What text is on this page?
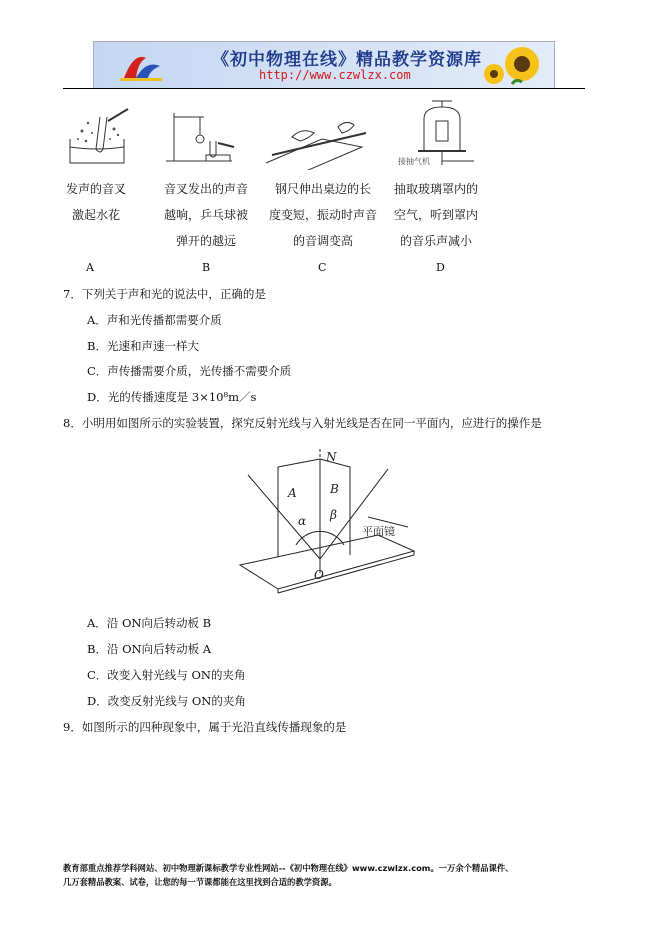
《初中物理在线》精品教学资源库
http://www.czwlzx.com
接抽气机
发声的音叉
激起水花
音叉发出的声音
越响，乒乓球被
弹开的越远
钢尺伸出桌边的长
度变短，振动时声音
的音调变高
抽取玻璃罩内的
空气，听到罩内
的音乐声减小
A	B	C	D
7．下列关于声和光的说法中，正确的是
A．声和光传播都需要介质
B．光速和声速一样大
C．声传播需要介质，光传播不需要介质
D．光的传播速度是 3×10⁸m／s
8．小明用如图所示的实验装置，探究反射光线与入射光线是否在同一平面内，应进行的操作是
N
A	B
α β
O
平面镜
A．沿 ON向后转动板 B
B．沿 ON向后转动板 A
C．改变入射光线与 ON的夹角
D．改变反射光线与 ON的夹角
9．如图所示的四种现象中，属于光沿直线传播现象的是
教育部重点推荐学科网站、初中物理新课标教学专业性网站--《初中物理在线》www.czwlzx.com。一万余个精品课件、
几万套精品教案、试卷，让您的每一节课都能在这里找到合适的教学资源。
